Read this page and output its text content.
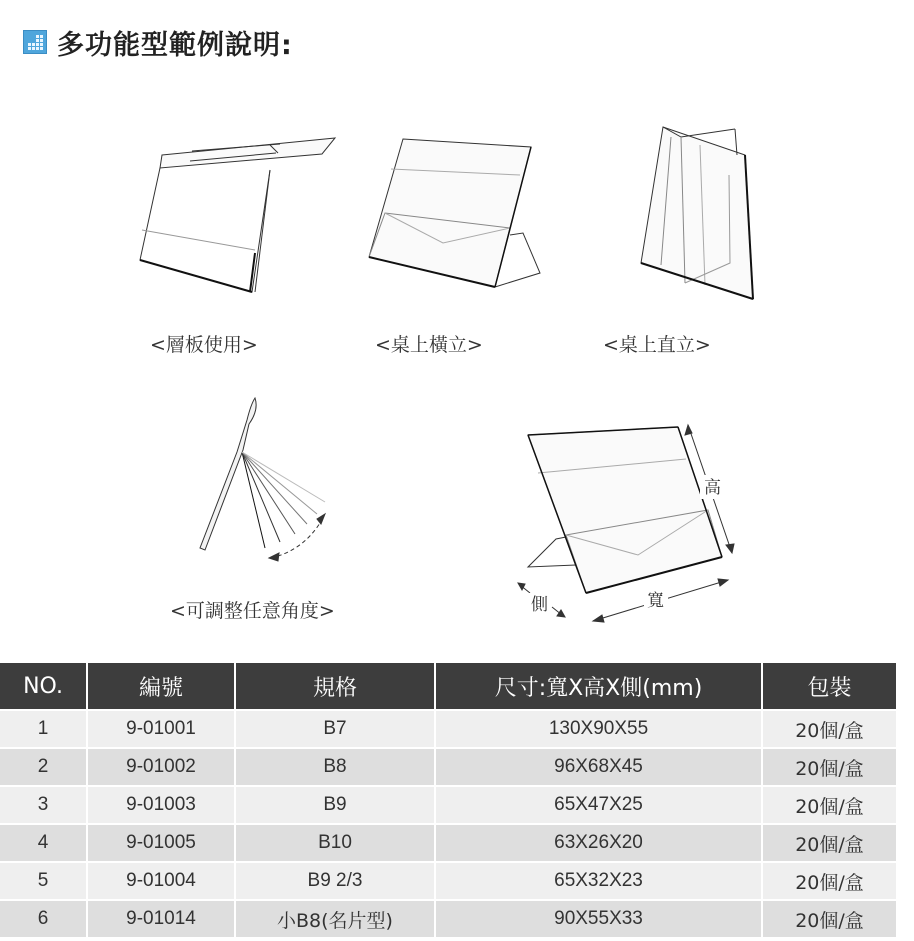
多功能型範例說明:
<層板使用>	<桌上橫立>	<桌上直立>
<可調整任意角度>
高
側	寬
NO.	編號	規格	尺寸:寬X高X側(mm)	包裝
1	9-01001	B7	130X90X55	20個/盒
2	9-01002	B8	96X68X45	20個/盒
3	9-01003	B9	65X47X25	20個/盒
4	9-01005	B10	63X26X20	20個/盒
5	9-01004	B9 2/3	65X32X23	20個/盒
6	9-01014	小B8(名片型)	90X55X33	20個/盒
